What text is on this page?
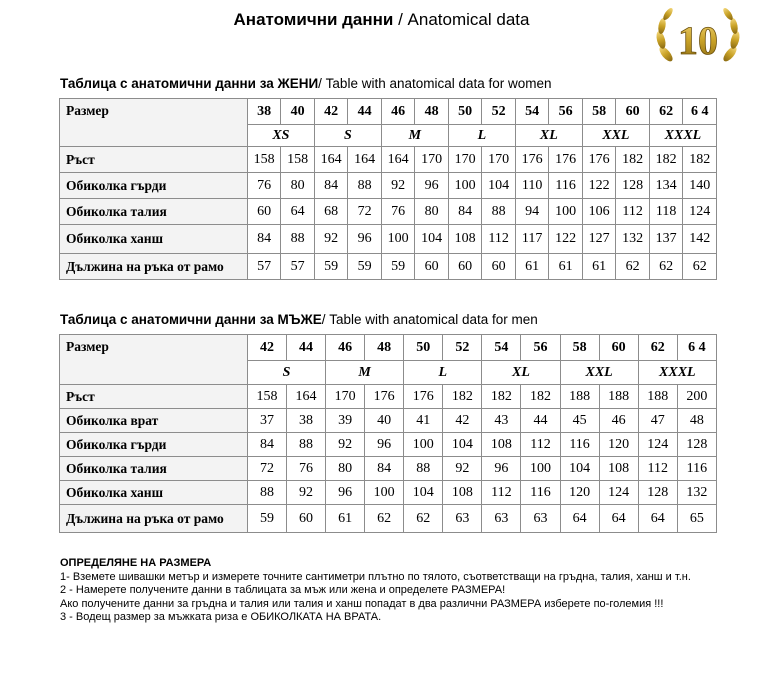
Анатомични данни / Anatomical data	10
Таблица с анатомични данни за ЖЕНИ/ Table with anatomical data for women
Размер	38	40	42	44	46	48	50	52	54	56	58	60	62	6 4
	XS		S		M		L		XL		XXL		XXXL	
Ръст	158	158	164	164	164	170	170	170	176	176	176	182	182	182
Обиколка гърди	76	80	84	88	92	96	100	104	110	116	122	128	134	140
Обиколка талия	60	64	68	72	76	80	84	88	94	100	106	112	118	124
Обиколка ханш	84	88	92	96	100	104	108	112	117	122	127	132	137	142
Дължина на ръка от рамо	57	57	59	59	59	60	60	60	61	61	61	62	62	62
Таблица с анатомични данни за МЪЖЕ/ Table with anatomical data for men
Размер	42	44	46	48	50	52	54	56	58	60	62	6 4
	S		M		L		XL		XXL		XXXL	
Ръст	158	164	170	176	176	182	182	182	188	188	188	200
Обиколка врат	37	38	39	40	41	42	43	44	45	46	47	48
Обиколка гърди	84	88	92	96	100	104	108	112	116	120	124	128
Обиколка талия	72	76	80	84	88	92	96	100	104	108	112	116
Обиколка ханш	88	92	96	100	104	108	112	116	120	124	128	132
Дължина на ръка от рамо	59	60	61	62	62	63	63	63	64	64	64	65
ОПРЕДЕЛЯНЕ НА РАЗМЕРА
1- Вземете шивашки метър и измерете точните сантиметри плътно по тялото, съответстващи на гръдна, талия, ханш и т.н.
2 - Намерете получените данни в таблицата за мъж или жена и определете РАЗМЕРА!
Ако получените данни за гръдна и талия или талия и ханш попадат в два различни РАЗМЕРА изберете по-големия !!!
3 - Водещ размер за мъжката риза е ОБИКОЛКАТА НА ВРАТА.
